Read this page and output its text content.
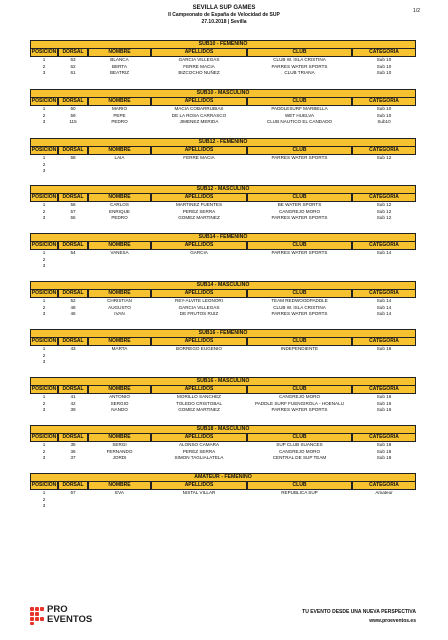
1/2
SEVILLA SUP GAMES
II Campeonato de España de Velocidad de SUP
27.10.2018 | Sevilla
SUB10 - FEMENINO
POSICION	DORSAL	NOMBRE	APELLIDOS	CLUB	CATEGORIA
1	63	BLANCA	GARCIA VILLEGAS	CLUB W. ISLA CRISTINA	Sub 10
2	62	BERTA	FERRE MACIA	PARRES WATER SPORTS	Sub 10
3	61	BEATRIZ	BIZCOCHO NUÑEZ	CLUB TRIANA	Sub 10
SUB10 - MASCULINO
POSICION	DORSAL	NOMBRE	APELLIDOS	CLUB	CATEGORIA
1	60	MARIO	MACIA COBARRUBIAS	PADDLESURF MARBELLA	Sub 10
2	59	PEPE	DE LA ROSA CARRASCO	WET HUELVA	Sub 10
3	115	PEDRO	JIMENEZ MERIDA	CLUB NAUTICO EL CANDADO	Sub10
SUB12 - FEMENINO
POSICION	DORSAL	NOMBRE	APELLIDOS	CLUB	CATEGORIA
1	58	LAIA	FERRE MACIA	PARRES WATER SPORTS	Sub 12
2
3
SUB12 - MASCULINO
POSICION	DORSAL	NOMBRE	APELLIDOS	CLUB	CATEGORIA
1	56	CARLOS	MARTINEZ FUENTES	BE WATER SPORTS	Sub 12
2	57	ENRIQUE	PEREZ SERRA	CANGREJO MORO	Sub 12
3	55	PEDRO	GOMEZ MARTINEZ	PARRES WATER SPORTS	Sub 12
SUB14 - FEMENINO
POSICION	DORSAL	NOMBRE	APELLIDOS	CLUB	CATEGORIA
1	54	VANESA	GARCIA	PARRES WATER SPORTS	Sub 14
2
3
SUB14 - MASCULINO
POSICION	DORSAL	NOMBRE	APELLIDOS	CLUB	CATEGORIA
1	52	CHRISTIAN	REY-ALVITE LEONORI	TEAM REDWOODPADDLE	Sub 14
2	48	AUGUSTO	GARCIA VILLEGAS	CLUB W. ISLA CRISTINA	Sub 14
3	46	IVAN	DE FRUTOS RUIZ	PARRES WATER SPORTS	Sub 14
SUB16 - FEMENINO
POSICION	DORSAL	NOMBRE	APELLIDOS	CLUB	CATEGORIA
1	43	MARTA	BORREGO EUGENIO	INDEPENDIENTE	Sub 16
2
3
SUB16 - MASCULINO
POSICION	DORSAL	NOMBRE	APELLIDOS	CLUB	CATEGORIA
1	41	ANTONIO	MORILLO SANCHEZ	CANGREJO MORO	Sub 16
2	42	SERGIO	TOLEDO CRISTOBAL	PADDLE SURF FUENGIROLA - HOENALU	Sub 16
3	39	NANDO	GOMEZ MARTINEZ	PARRES WATER SPORTS	Sub 16
SUB18 - MASCULINO
POSICION	DORSAL	NOMBRE	APELLIDOS	CLUB	CATEGORIA
1	35	SERGI	ALONSO CAMARA	SUP CLUB SUANCES	Sub 18
2	36	FERNANDO	PEREZ SERRA	CANGREJO MORO	Sub 18
3	37	JORDI	SIMON TAGLIALATELA	CENTRAL DE SUP TEAM	Sub 18
AMATEUR - FEMENINO
POSICION	DORSAL	NOMBRE	APELLIDOS	CLUB	CATEGORIA
1	67	EVA	NISTAL VILLAR	REPUBLICA SUP	Amateur
2
3
PRO
EVENTOS
TU EVENTO DESDE UNA NUEVA PERSPECTIVA
www.proeventos.es
